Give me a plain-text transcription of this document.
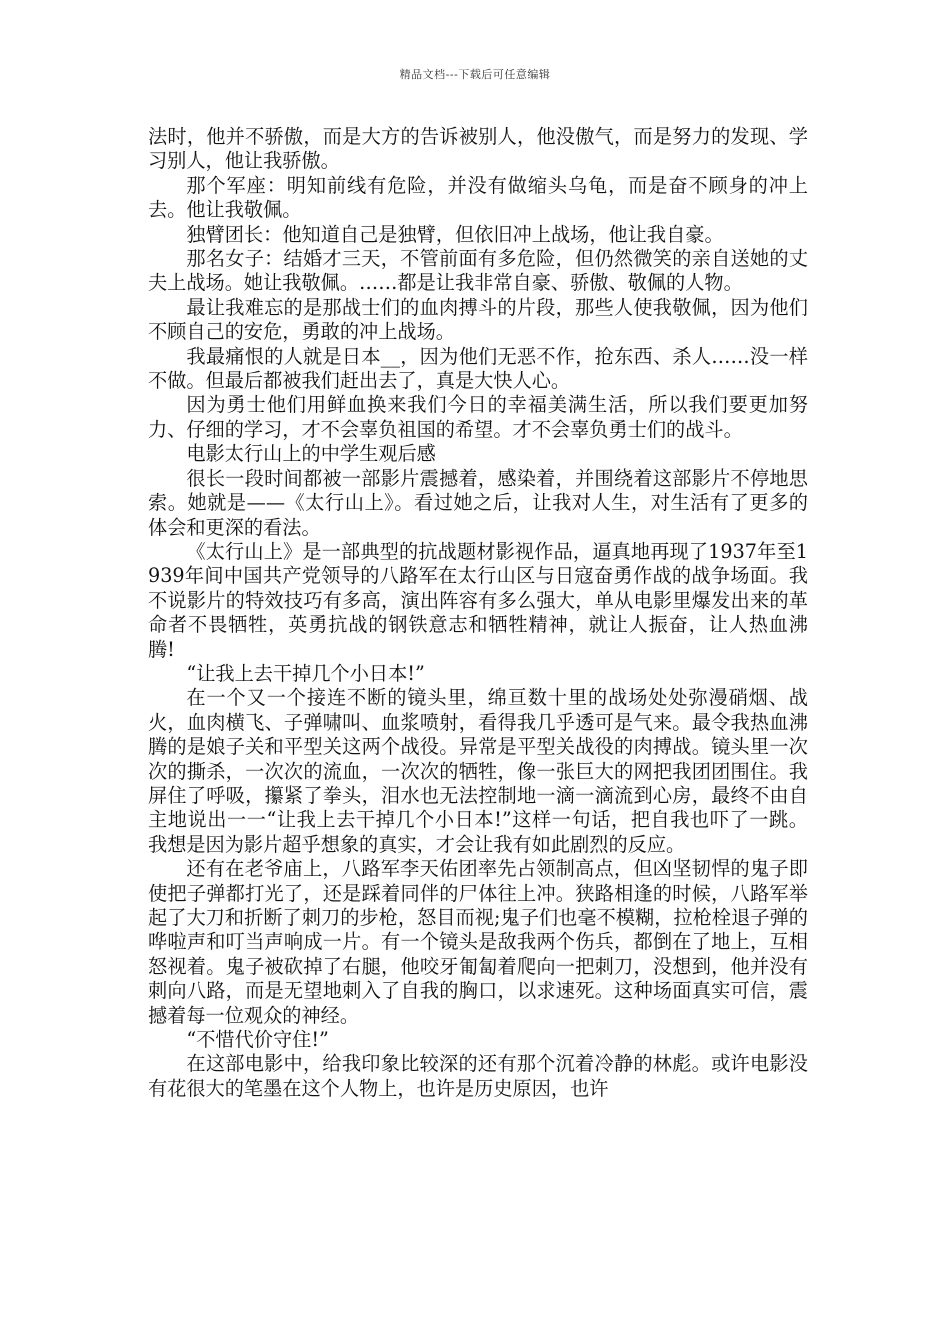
精品文档---下载后可任意编辑

法时，他并不骄傲，而是大方的告诉被别人，他没傲气，而是努力的发现、学习别人，他让我骄傲。

那个军座：明知前线有危险，并没有做缩头乌龟，而是奋不顾身的冲上去。他让我敬佩。

独臂团长：他知道自己是独臂，但依旧冲上战场，他让我自豪。

那名女子：结婚才三天，不管前面有多危险，但仍然微笑的亲自送她的丈夫上战场。她让我敬佩。……都是让我非常自豪、骄傲、敬佩的人物。

最让我难忘的是那战士们的血肉搏斗的片段，那些人使我敬佩，因为他们不顾自己的安危，勇敢的冲上战场。

我最痛恨的人就是日本__，因为他们无恶不作，抢东西、杀人……没一样不做。但最后都被我们赶出去了，真是大快人心。

因为勇士他们用鲜血换来我们今日的幸福美满生活，所以我们要更加努力、仔细的学习，才不会辜负祖国的希望。才不会辜负勇士们的战斗。

电影太行山上的中学生观后感

很长一段时间都被一部影片震撼着，感染着，并围绕着这部影片不停地思索。她就是——《太行山上》。看过她之后，让我对人生，对生活有了更多的体会和更深的看法。

《太行山上》是一部典型的抗战题材影视作品，逼真地再现了1937年至1939年间中国共产党领导的八路军在太行山区与日寇奋勇作战的战争场面。我不说影片的特效技巧有多高，演出阵容有多么强大，单从电影里爆发出来的革命者不畏牺牲，英勇抗战的钢铁意志和牺牲精神，就让人振奋，让人热血沸腾!

“让我上去干掉几个小日本!”

在一个又一个接连不断的镜头里，绵亘数十里的战场处处弥漫硝烟、战火，血肉横飞、子弹啸叫、血浆喷射，看得我几乎透可是气来。最令我热血沸腾的是娘子关和平型关这两个战役。异常是平型关战役的肉搏战。镜头里一次次的撕杀，一次次的流血，一次次的牺牲，像一张巨大的网把我团团围住。我屏住了呼吸，攥紧了拳头，泪水也无法控制地一滴一滴流到心房，最终不由自主地说出一一“让我上去干掉几个小日本!”这样一句话，把自我也吓了一跳。我想是因为影片超乎想象的真实，才会让我有如此剧烈的反应。

还有在老爷庙上，八路军李天佑团率先占领制高点，但凶坚韧悍的鬼子即使把子弹都打光了，还是踩着同伴的尸体往上冲。狭路相逢的时候，八路军举起了大刀和折断了刺刀的步枪，怒目而视;鬼子们也毫不模糊，拉枪栓退子弹的哗啦声和叮当声响成一片。有一个镜头是敌我两个伤兵，都倒在了地上，互相怒视着。鬼子被砍掉了右腿，他咬牙匍匐着爬向一把刺刀，没想到，他并没有刺向八路，而是无望地刺入了自我的胸口，以求速死。这种场面真实可信，震撼着每一位观众的神经。

“不惜代价守住!”

在这部电影中，给我印象比较深的还有那个沉着冷静的林彪。或许电影没有花很大的笔墨在这个人物上，也许是历史原因，也许
